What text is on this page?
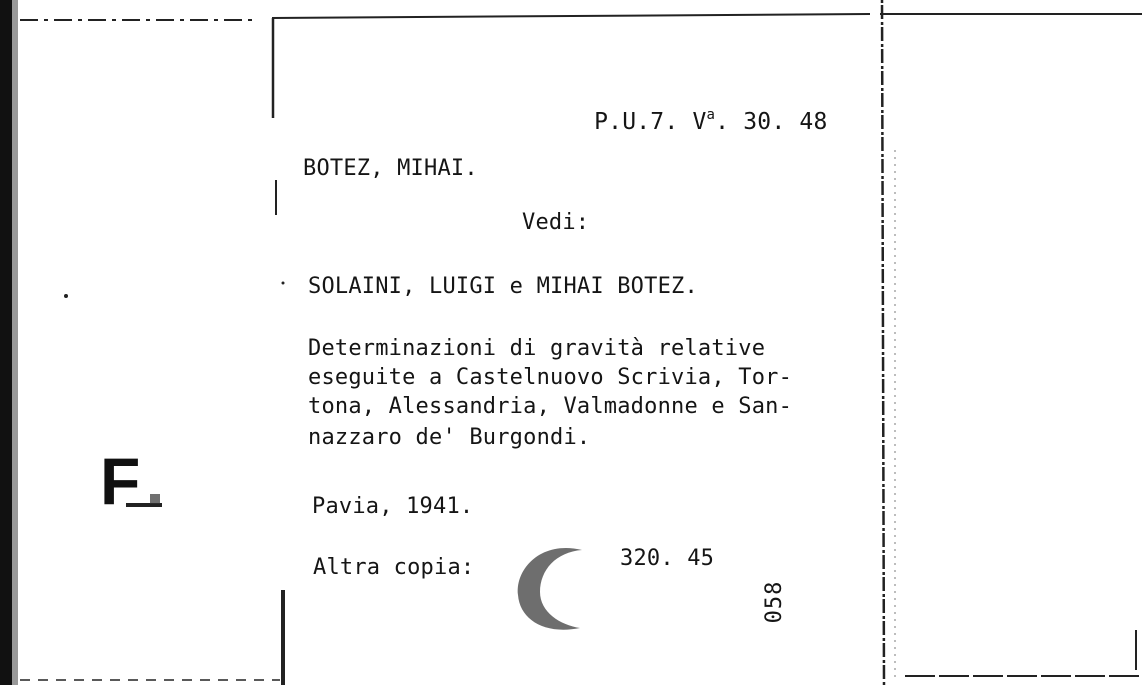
F

P.U.7. $V^a$. 30. 48

BOTEZ, MIHAI.
Vedi:
SOLAINI, LUIGI e MIHAI BOTEZ.
Determinazioni di gravità relative
eseguite a Castelnuovo Scrivia, Tor-
tona, Alessandria, Valmadonne e San-
nazzaro de' Burgondi.
Pavia, 1941.
Altra copia:	320. 45
058
